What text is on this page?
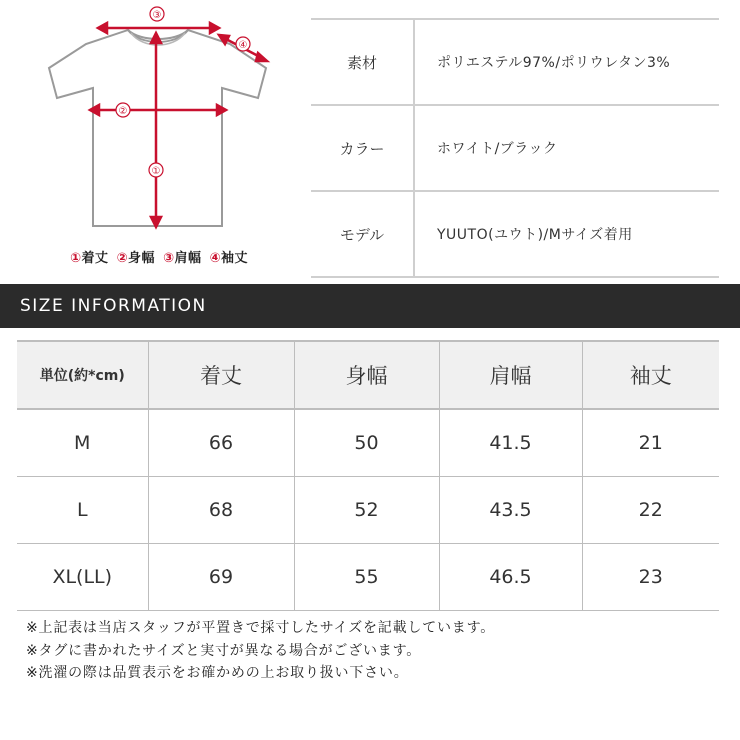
③
④
②
①
①着丈 ②身幅 ③肩幅 ④袖丈
素材	ポリエステル97%/ポリウレタン3%
カラー	ホワイト/ブラック
モデル	YUUTO(ユウト)/Mサイズ着用
SIZE INFORMATION
単位(約*cm)	着丈	身幅	肩幅	袖丈
M	66	50	41.5	21
L	68	52	43.5	22
XL(LL)	69	55	46.5	23
※上記表は当店スタッフが平置きで採寸したサイズを記載しています。
※タグに書かれたサイズと実寸が異なる場合がございます。
※洗濯の際は品質表示をお確かめの上お取り扱い下さい。
